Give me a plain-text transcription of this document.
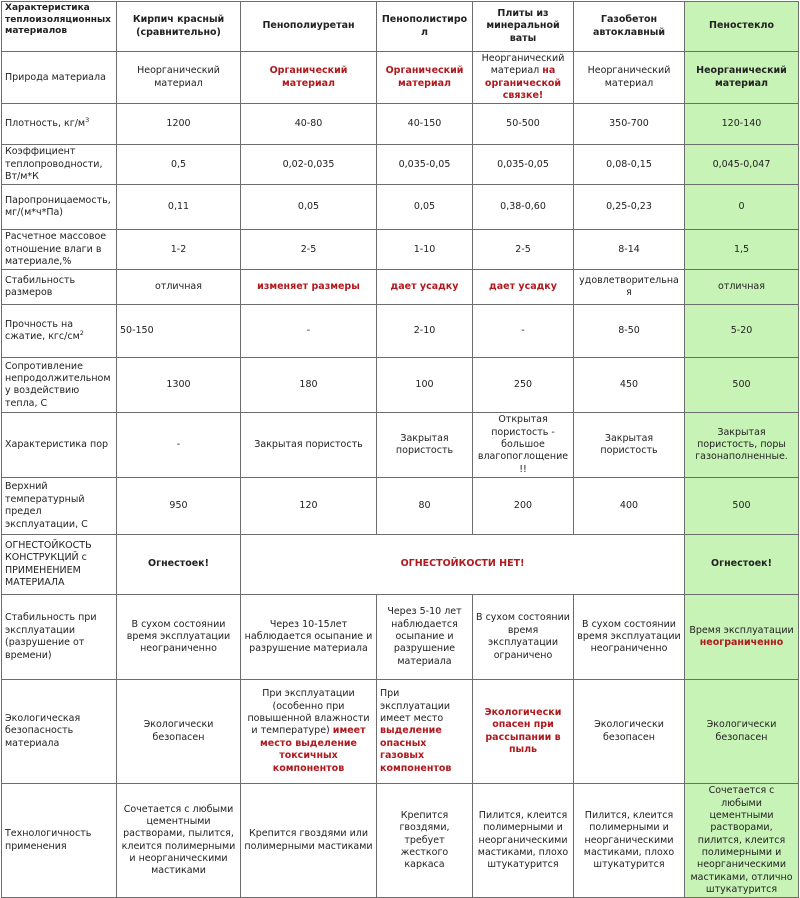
Характеристика теплоизоляционных материалов	Кирпич красный (сравнительно)	Пенополиуретан	Пенополистирол	Плиты из минеральной ваты	Газобетон автоклавный	Пеностекло
Природа материала	Неорганический материал	Органический материал	Органический материал	Неорганический материал на органической связке!	Неорганический материал	Неорганический материал
Плотность, $кг/м^3$	1200	40-80	40-150	50-500	350-700	120-140
Коэффициент теплопроводности, Вт/м*К	0,5	0,02-0,035	0,035-0,05	0,035-0,05	0,08-0,15	0,045-0,047
Паропроницаемость, мг/(м*ч*Па)	0,11	0,05	0,05	0,38-0,60	0,25-0,23	0
Расчетное массовое отношение влаги в материале,%	1-2	2-5	1-10	2-5	8-14	1,5
Стабильность размеров	отличная	изменяет размеры	дает усадку	дает усадку	удовлетворительная	отличная
Прочность на сжатие, кгс/$см^2$	50-150	-	2-10	-	8-50	5-20
Сопротивление непродолжительному воздействию тепла, С	1300	180	100	250	450	500
Характеристика пор	-	Закрытая пористость	Закрытая пористость	Открытая пористость - большое влагопоглощение!!	Закрытая пористость	Закрытая пористость, поры газонаполненные.
Верхний температурный предел эксплуатации, С	950	120	80	200	400	500
ОГНЕСТОЙКОСТЬ КОНСТРУКЦИЙ с ПРИМЕНЕНИЕМ МАТЕРИАЛА	Огнестоек!	ОГНЕСТОЙКОСТИ НЕТ!				Огнестоек!
Стабильность при эксплуатации (разрушение от времени)	В сухом состоянии время эксплуатации неограниченно	Через 10-15лет наблюдается осыпание и разрушение материала	Через 5-10 лет наблюдается осыпание и разрушение материала	В сухом состоянии время эксплуатации ограничено	В сухом состоянии время эксплуатации неограниченно	Время эксплуатации неограниченно
Экологическая безопасность материала	Экологически безопасен	При эксплуатации (особенно при повышенной влажности и температуре) имеет место выделение токсичных компонентов	При эксплуатации имеет место выделение опасных газовых компонентов	Экологически опасен при рассыпании в пыль	Экологически безопасен	Экологически безопасен
Технологичность применения	Сочетается с любыми цементными растворами, пылится, клеится полимерными и неорганическими мастиками	Крепится гвоздями или полимерными мастиками	Крепится гвоздями, требует жесткого каркаса	Пилится, клеится полимерными и неорганическими мастиками, плохо штукатурится	Пилится, клеится полимерными и неорганическими мастиками, плохо штукатурится	Сочетается с любыми цементными растворами, пилится, клеится полимерными и неорганическими мастиками, отлично штукатурится
